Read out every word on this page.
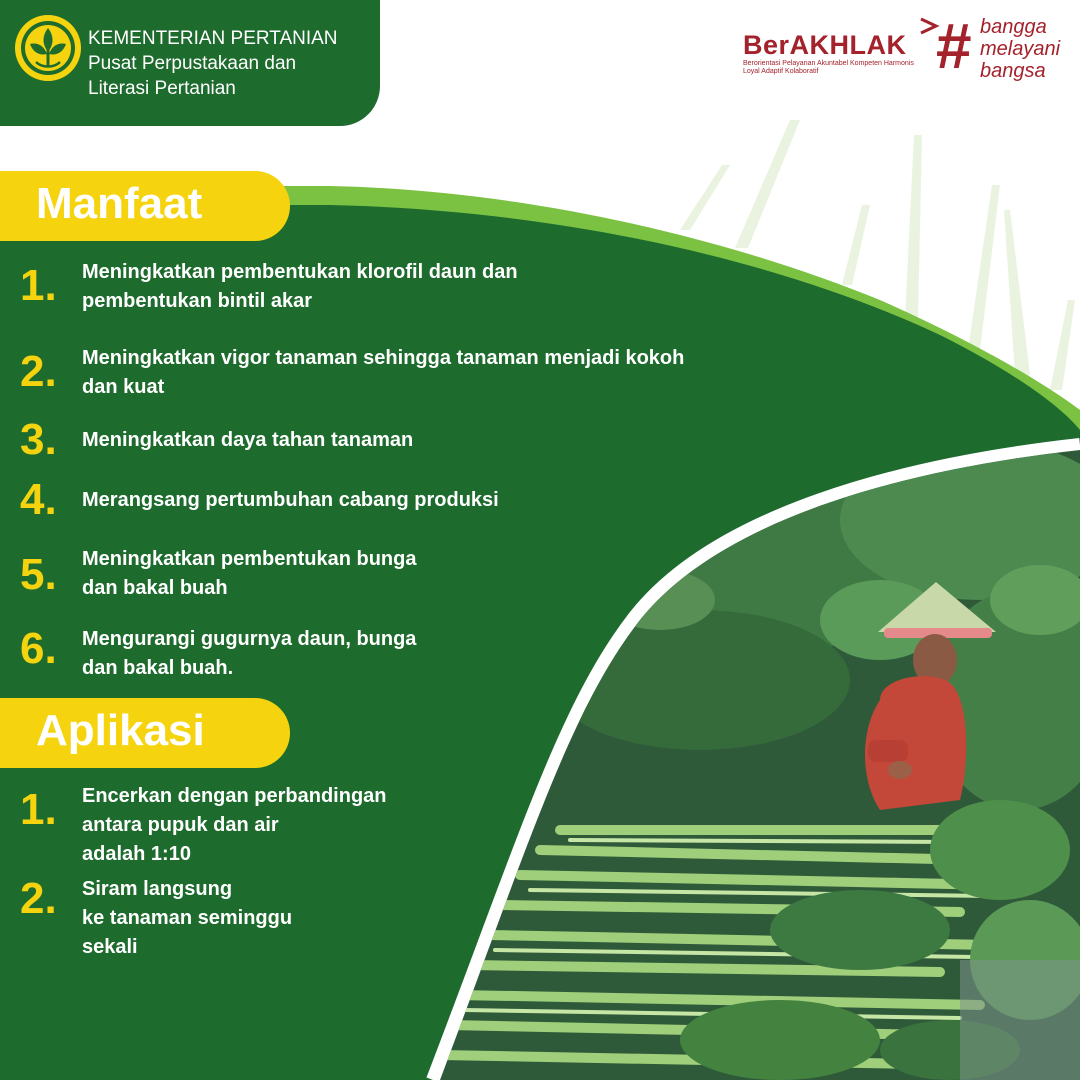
KEMENTERIAN PERTANIAN
Pusat Perpustakaan dan
Literasi Pertanian
BerAKHLAK
Berorientasi Pelayanan Akuntabel Kompeten Harmonis Loyal Adaptif Kolaboratif	# bangga
melayani
bangsa
Manfaat
1. Meningkatkan pembentukan klorofil daun dan
pembentukan bintil akar
2. Meningkatkan vigor tanaman sehingga tanaman menjadi kokoh
dan kuat
3. Meningkatkan daya tahan tanaman
4. Merangsang pertumbuhan cabang produksi
5. Meningkatkan pembentukan bunga
dan bakal buah
6. Mengurangi gugurnya daun, bunga
dan bakal buah.
Aplikasi
1. Encerkan dengan perbandingan
antara pupuk dan air
adalah 1:10
2. Siram langsung
ke tanaman seminggu
sekali
